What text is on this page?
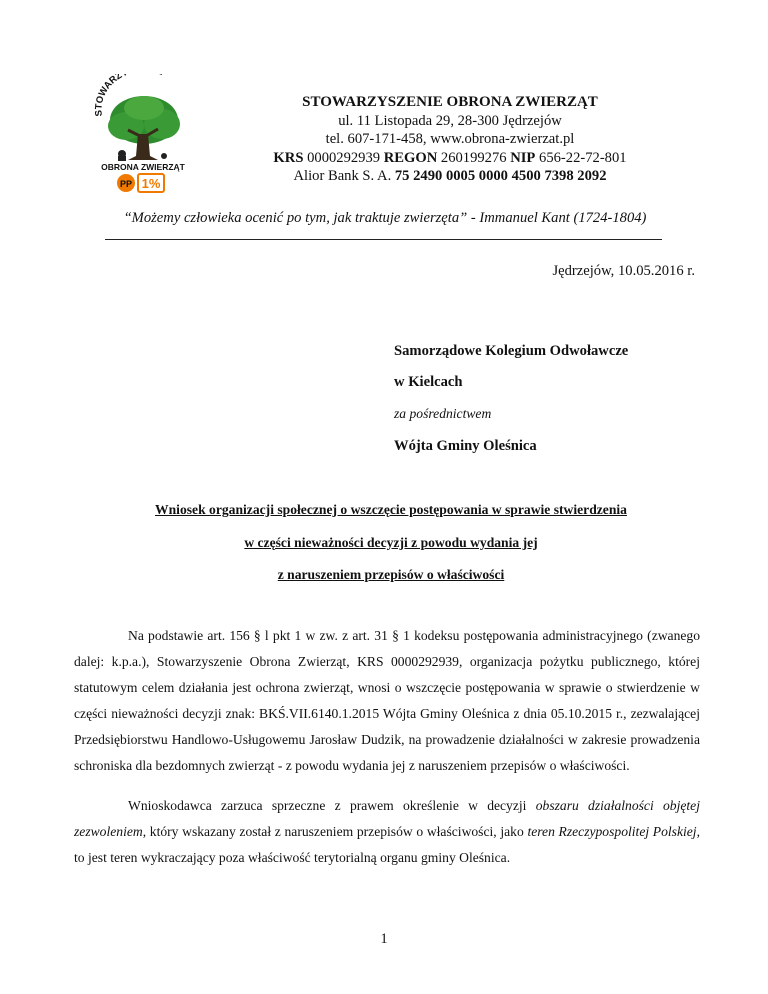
STOWARZ
OBRONA ZWIERZĄT
PP 1%
STOWARZYSZENIE OBRONA ZWIERZĄT
ul. 11 Listopada 29, 28-300 Jędrzejów
tel. 607-171-458, www.obrona-zwierzat.pl
KRS 0000292939 REGON 260199276 NIP 656-22-72-801
Alior Bank S. A. 75 2490 0005 0000 4500 7398 2092
“Możemy człowieka ocenić po tym, jak traktuje zwierzęta” - Immanuel Kant (1724-1804)
Jędrzejów, 10.05.2016 r.
Samorządowe Kolegium Odwoławcze
w Kielcach
za pośrednictwem
Wójta Gminy Oleśnica
Wniosek organizacji społecznej o wszczęcie postępowania w sprawie stwierdzenia
w części nieważności decyzji z powodu wydania jej
z naruszeniem przepisów o właściwości
Na podstawie art. 156 § l pkt 1 w zw. z art. 31 § 1 kodeksu postępowania administracyjnego (zwanego dalej: k.p.a.), Stowarzyszenie Obrona Zwierząt, KRS 0000292939, organizacja pożytku publicznego, której statutowym celem działania jest ochrona zwierząt, wnosi o wszczęcie postępowania w sprawie o stwierdzenie w części nieważności decyzji znak: BKŚ.VII.6140.1.2015 Wójta Gminy Oleśnica z dnia 05.10.2015 r., zezwalającej Przedsiębiorstwu Handlowo-Usługowemu Jarosław Dudzik, na prowadzenie działalności w zakresie prowadzenia schroniska dla bezdomnych zwierząt - z powodu wydania jej z naruszeniem przepisów o właściwości.
Wnioskodawca zarzuca sprzeczne z prawem określenie w decyzji obszaru działalności objętej zezwoleniem, który wskazany został z naruszeniem przepisów o właściwości, jako teren Rzeczypospolitej Polskiej, to jest teren wykraczający poza właściwość terytorialną organu gminy Oleśnica.
1
